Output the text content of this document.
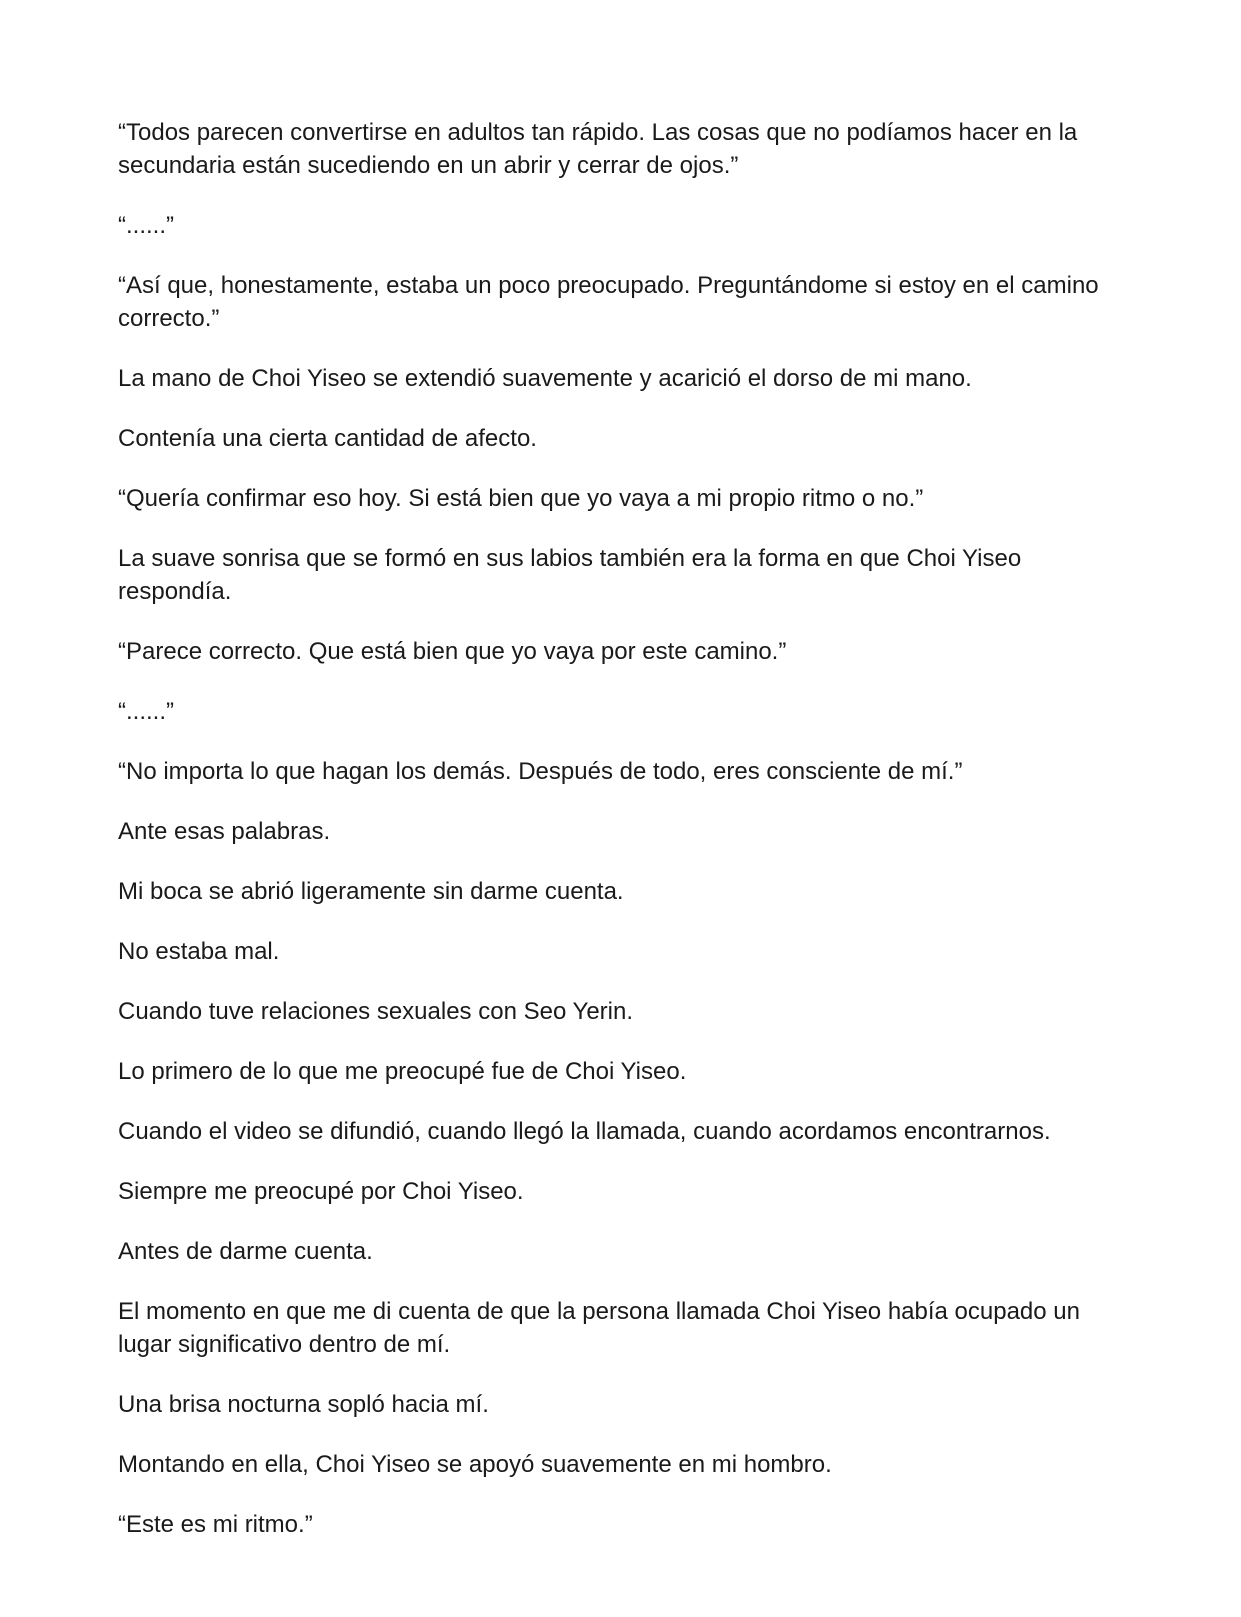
“Todos parecen convertirse en adultos tan rápido. Las cosas que no podíamos hacer en la secundaria están sucediendo en un abrir y cerrar de ojos.”

“......”

“Así que, honestamente, estaba un poco preocupado. Preguntándome si estoy en el camino correcto.”

La mano de Choi Yiseo se extendió suavemente y acarició el dorso de mi mano.

Contenía una cierta cantidad de afecto.

“Quería confirmar eso hoy. Si está bien que yo vaya a mi propio ritmo o no.”

La suave sonrisa que se formó en sus labios también era la forma en que Choi Yiseo respondía.

“Parece correcto. Que está bien que yo vaya por este camino.”

“......”

“No importa lo que hagan los demás. Después de todo, eres consciente de mí.”

Ante esas palabras.

Mi boca se abrió ligeramente sin darme cuenta.

No estaba mal.

Cuando tuve relaciones sexuales con Seo Yerin.

Lo primero de lo que me preocupé fue de Choi Yiseo.

Cuando el video se difundió, cuando llegó la llamada, cuando acordamos encontrarnos.

Siempre me preocupé por Choi Yiseo.

Antes de darme cuenta.

El momento en que me di cuenta de que la persona llamada Choi Yiseo había ocupado un lugar significativo dentro de mí.

Una brisa nocturna sopló hacia mí.

Montando en ella, Choi Yiseo se apoyó suavemente en mi hombro.

“Este es mi ritmo.”
